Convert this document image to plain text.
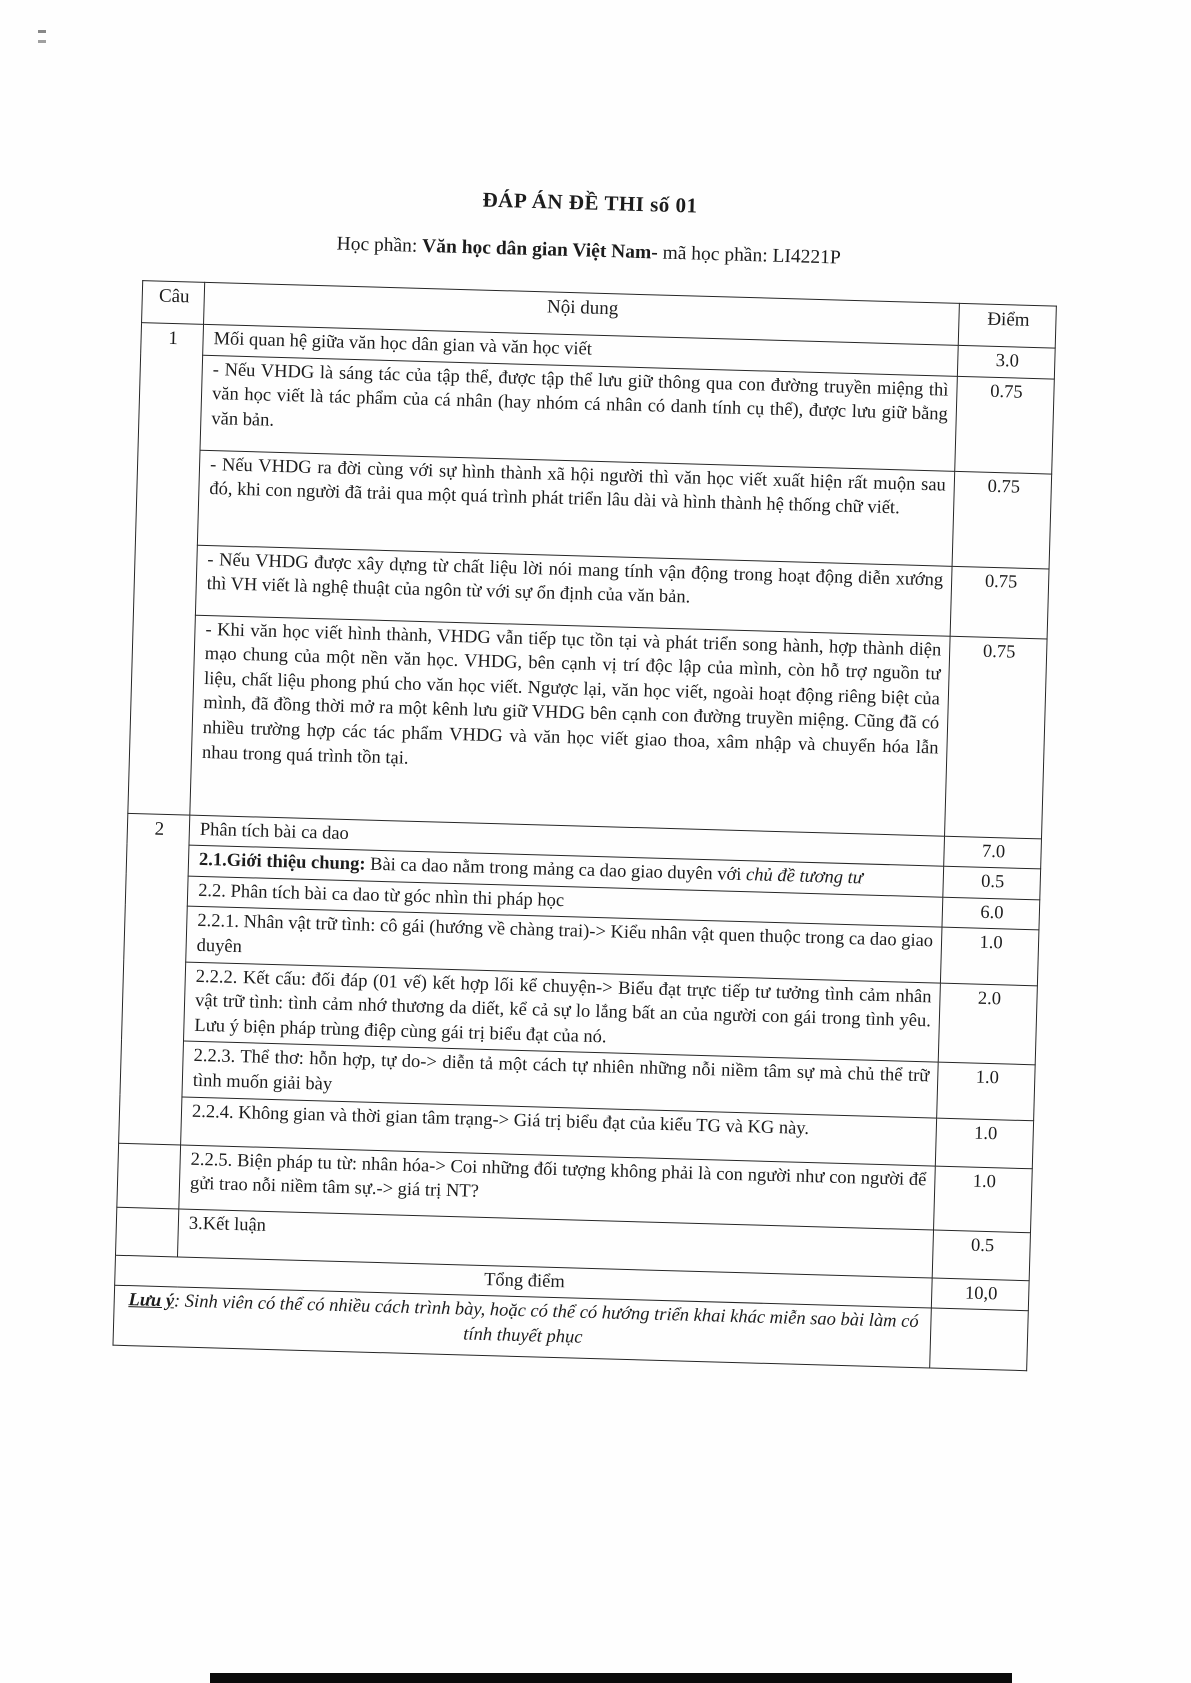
ĐÁP ÁN ĐỀ THI số 01
Học phần: Văn học dân gian Việt Nam- mã học phần: LI4221P
Câu	Nội dung	Điểm
1	Mối quan hệ giữa văn học dân gian và văn học viết	3.0
	- Nếu VHDG là sáng tác của tập thể, được tập thể lưu giữ thông qua con đường truyền miệng thì văn học viết là tác phẩm của cá nhân (hay nhóm cá nhân có danh tính cụ thể), được lưu giữ bằng văn bản.	0.75
	- Nếu VHDG ra đời cùng với sự hình thành xã hội người thì văn học viết xuất hiện rất muộn sau đó, khi con người đã trải qua một quá trình phát triển lâu dài và hình thành hệ thống chữ viết.	0.75
	- Nếu VHDG được xây dựng từ chất liệu lời nói mang tính vận động trong hoạt động diễn xướng thì VH viết là nghệ thuật của ngôn từ với sự ổn định của văn bản.	0.75
	- Khi văn học viết hình thành, VHDG vẫn tiếp tục tồn tại và phát triển song hành, hợp thành diện mạo chung của một nền văn học. VHDG, bên cạnh vị trí độc lập của mình, còn hỗ trợ nguồn tư liệu, chất liệu phong phú cho văn học viết. Ngược lại, văn học viết, ngoài hoạt động riêng biệt của mình, đã đồng thời mở ra một kênh lưu giữ VHDG bên cạnh con đường truyền miệng. Cũng đã có nhiều trường hợp các tác phẩm VHDG và văn học viết giao thoa, xâm nhập và chuyển hóa lẫn nhau trong quá trình tồn tại.	0.75
2	Phân tích bài ca dao	7.0
	2.1.Giới thiệu chung: Bài ca dao nằm trong mảng ca dao giao duyên với chủ đề tương tư	0.5
	2.2. Phân tích bài ca dao từ góc nhìn thi pháp học	6.0
	2.2.1. Nhân vật trữ tình: cô gái (hướng về chàng trai)-> Kiểu nhân vật quen thuộc trong ca dao giao duyên	1.0
	2.2.2. Kết cấu: đối đáp (01 vế) kết hợp lối kể chuyện-> Biểu đạt trực tiếp tư tưởng tình cảm nhân vật trữ tình: tình cảm nhớ thương da diết, kể cả sự lo lắng bất an của người con gái trong tình yêu. Lưu ý biện pháp trùng điệp cùng gái trị biểu đạt của nó.	2.0
	2.2.3. Thể thơ: hỗn hợp, tự do-> diễn tả một cách tự nhiên những nỗi niềm tâm sự mà chủ thể trữ tình muốn giải bày	1.0
	2.2.4. Không gian và thời gian tâm trạng-> Giá trị biểu đạt của kiểu TG và KG này.	1.0
	2.2.5. Biện pháp tu từ: nhân hóa-> Coi những đối tượng không phải là con người như con người để gửi trao nỗi niềm tâm sự.-> giá trị NT?	1.0
	3.Kết luận	0.5
Tổng điểm		10,0
Lưu ý: Sinh viên có thể có nhiều cách trình bày, hoặc có thể có hướng triển khai khác miễn sao bài làm có tính thuyết phục		
